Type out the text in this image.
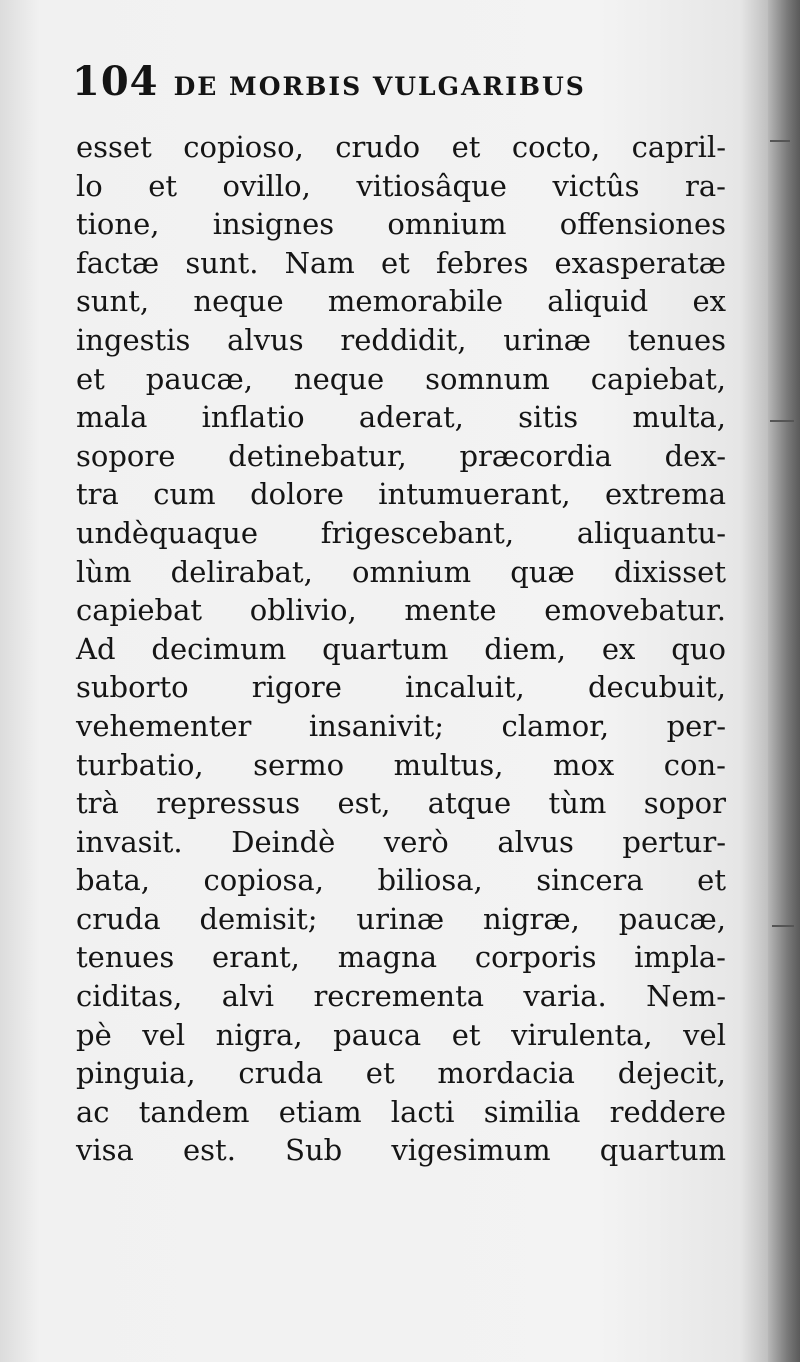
104 DE MORBIS VULGARIBUS
esset copioso, crudo et cocto, capril-
lo et ovillo, vitiosâque victûs ra-
tione, insignes omnium offensiones
factæ sunt. Nam et febres exasperatæ
sunt, neque memorabile aliquid ex
ingestis alvus reddidit, urinæ tenues
et paucæ, neque somnum capiebat,
mala inflatio aderat, sitis multa,
sopore detinebatur, præcordia dex-
tra cum dolore intumuerant, extrema
undèquaque frigescebant, aliquantu-
lùm delirabat, omnium quæ dixisset
capiebat oblivio, mente emovebatur.
Ad decimum quartum diem, ex quo
suborto rigore incaluit, decubuit,
vehementer insanivit; clamor, per-
turbatio, sermo multus, mox con-
trà repressus est, atque tùm sopor
invasit. Deindè verò alvus pertur-
bata, copiosa, biliosa, sincera et
cruda demisit; urinæ nigræ, paucæ,
tenues erant, magna corporis impla-
ciditas, alvi recrementa varia. Nem-
pè vel nigra, pauca et virulenta, vel
pinguia, cruda et mordacia dejecit,
ac tandem etiam lacti similia reddere
visa est. Sub vigesimum quartum
